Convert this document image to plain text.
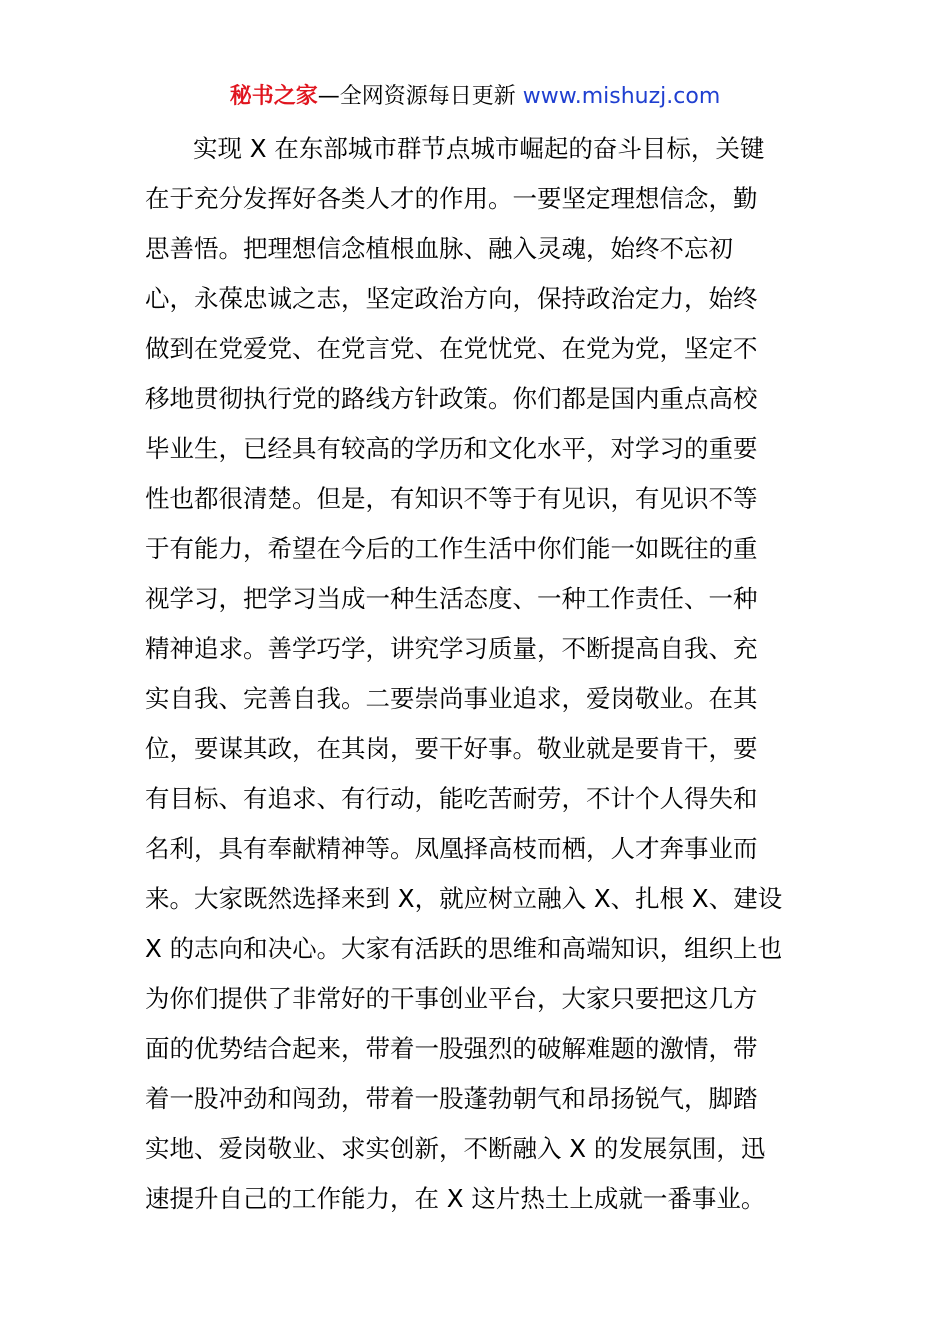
秘书之家—全网资源每日更新 www.mishuzj.com
实现 X 在东部城市群节点城市崛起的奋斗目标，关键
在于充分发挥好各类人才的作用。一要坚定理想信念，勤
思善悟。把理想信念植根血脉、融入灵魂，始终不忘初
心，永葆忠诚之志，坚定政治方向，保持政治定力，始终
做到在党爱党、在党言党、在党忧党、在党为党，坚定不
移地贯彻执行党的路线方针政策。你们都是国内重点高校
毕业生，已经具有较高的学历和文化水平，对学习的重要
性也都很清楚。但是，有知识不等于有见识，有见识不等
于有能力，希望在今后的工作生活中你们能一如既往的重
视学习，把学习当成一种生活态度、一种工作责任、一种
精神追求。善学巧学，讲究学习质量，不断提高自我、充
实自我、完善自我。二要崇尚事业追求，爱岗敬业。在其
位，要谋其政，在其岗，要干好事。敬业就是要肯干，要
有目标、有追求、有行动，能吃苦耐劳，不计个人得失和
名利，具有奉献精神等。凤凰择高枝而栖，人才奔事业而
来。大家既然选择来到 X，就应树立融入 X、扎根 X、建设
X 的志向和决心。大家有活跃的思维和高端知识，组织上也
为你们提供了非常好的干事创业平台，大家只要把这几方
面的优势结合起来，带着一股强烈的破解难题的激情，带
着一股冲劲和闯劲，带着一股蓬勃朝气和昂扬锐气，脚踏
实地、爱岗敬业、求实创新，不断融入 X 的发展氛围，迅
速提升自己的工作能力，在 X 这片热土上成就一番事业。
